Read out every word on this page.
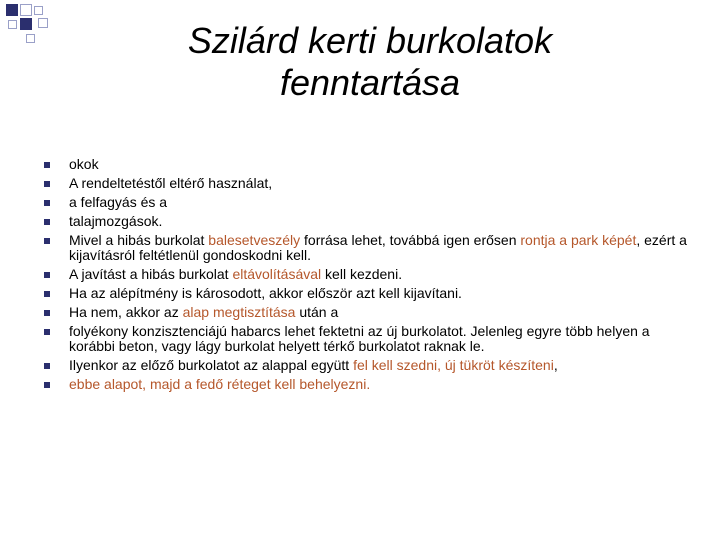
Szilárd kerti burkolatok fenntartása
okok
A rendeltetéstől eltérő használat,
a felfagyás és a
talajmozgások.
Mivel a hibás burkolat balesetveszély forrása lehet, továbbá igen erősen rontja a park képét, ezért a kijavításról feltétlenül gondoskodni kell.
A javítást a hibás burkolat eltávolításával kell kezdeni.
Ha az alépítmény is károsodott, akkor először azt kell kijavítani.
Ha nem, akkor az alap megtisztítása után a
folyékony konzisztenciájú habarcs lehet fektetni az új burkolatot. Jelenleg egyre több helyen a korábbi beton, vagy lágy burkolat helyett térkő burkolatot raknak le.
Ilyenkor az előző burkolatot az alappal együtt fel kell szedni, új tükröt készíteni,
ebbe alapot, majd a fedő réteget kell behelyezni.
